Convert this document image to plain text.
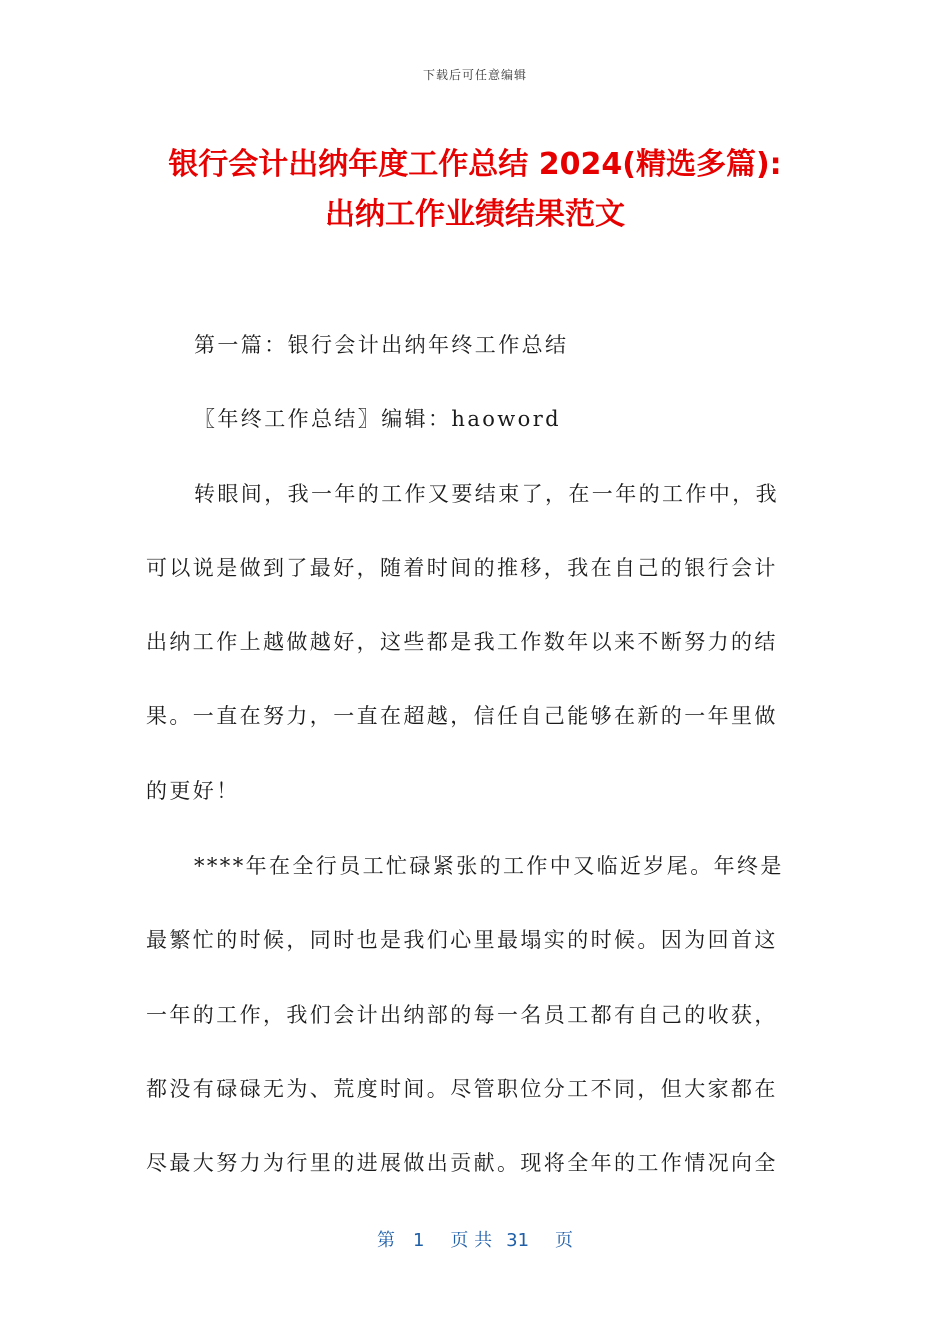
下载后可任意编辑
银行会计出纳年度工作总结 2024(精选多篇):
出纳工作业绩结果范文
第一篇：银行会计出纳年终工作总结
〖年终工作总结〗编辑：haoword
转眼间，我一年的工作又要结束了，在一年的工作中，我
可以说是做到了最好，随着时间的推移，我在自己的银行会计
出纳工作上越做越好，这些都是我工作数年以来不断努力的结
果。一直在努力，一直在超越，信任自己能够在新的一年里做
的更好！
****年在全行员工忙碌紧张的工作中又临近岁尾。年终是
最繁忙的时候，同时也是我们心里最塌实的时候。因为回首这
一年的工作，我们会计出纳部的每一名员工都有自己的收获，
都没有碌碌无为、荒度时间。尽管职位分工不同，但大家都在
尽最大努力为行里的进展做出贡献。现将全年的工作情况向全
第 1 页 共 31 页
